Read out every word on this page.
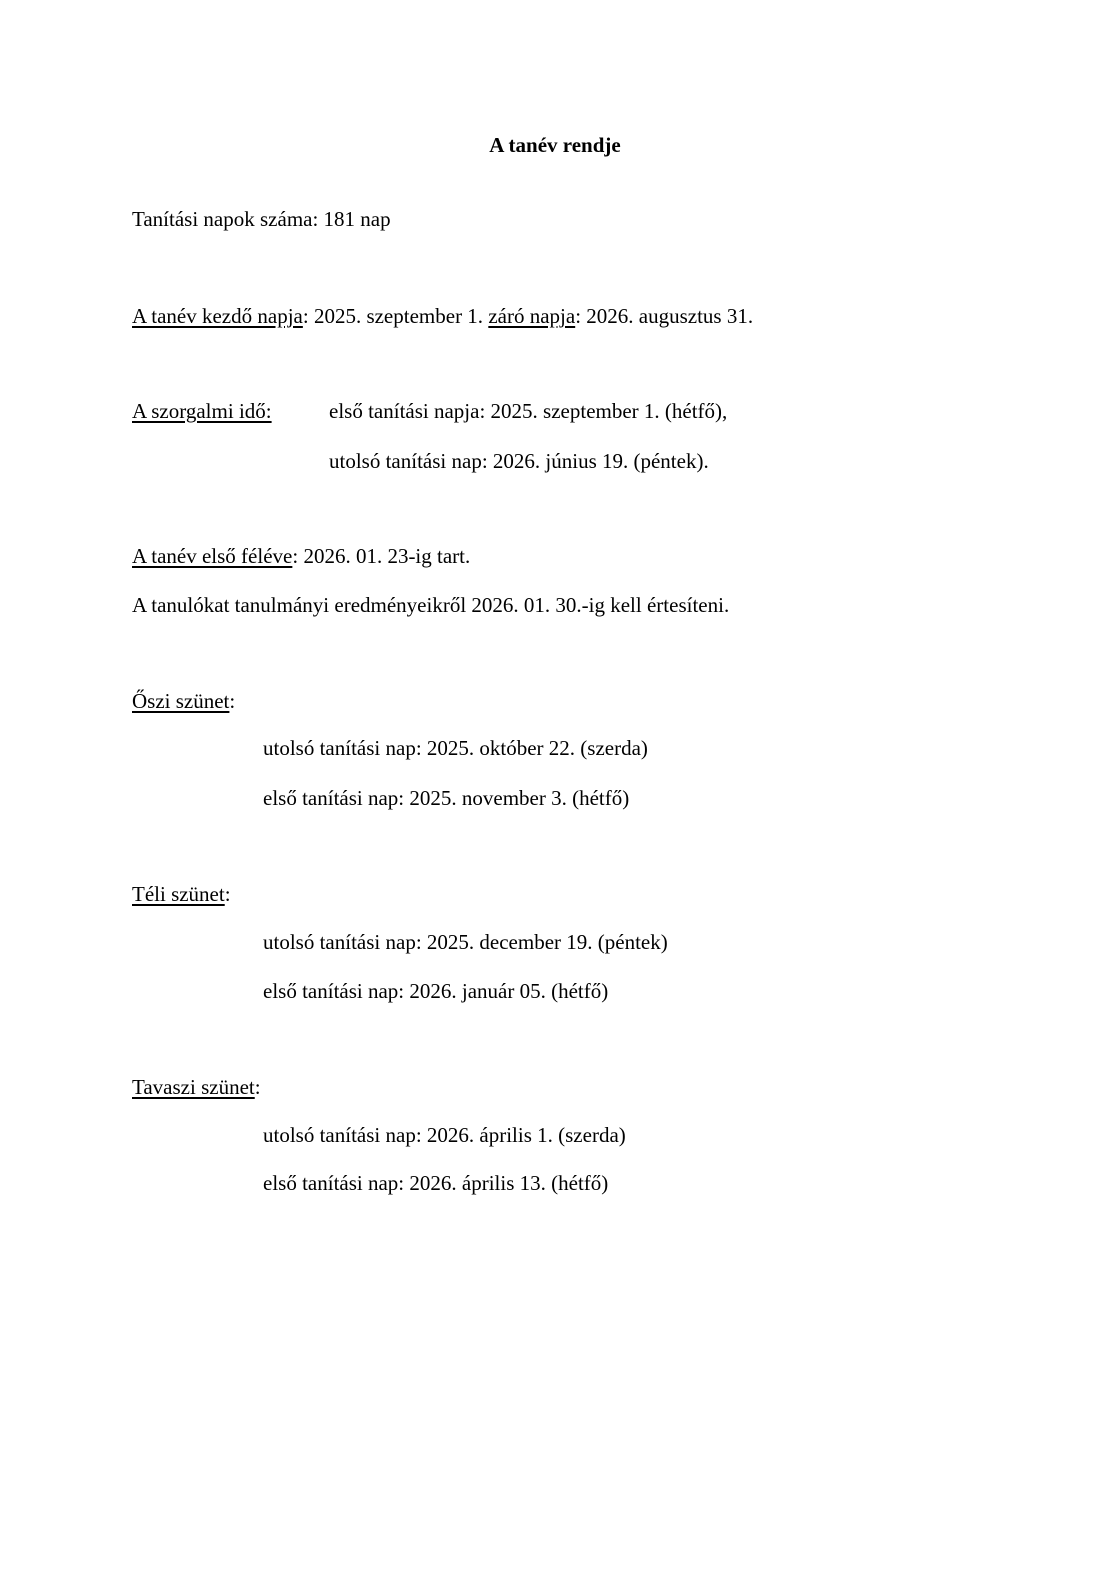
A tanév rendje
Tanítási napok száma: 181 nap
A tanév kezdő napja: 2025. szeptember 1. záró napja: 2026. augusztus 31.
A szorgalmi idő:	első tanítási napja: 2025. szeptember 1. (hétfő),
utolsó tanítási nap: 2026. június 19. (péntek).
A tanév első féléve: 2026. 01. 23-ig tart.
A tanulókat tanulmányi eredményeikről 2026. 01. 30.-ig kell értesíteni.
Őszi szünet:
utolsó tanítási nap: 2025. október 22. (szerda)
első tanítási nap: 2025. november 3. (hétfő)
Téli szünet:
utolsó tanítási nap: 2025. december 19. (péntek)
első tanítási nap: 2026. január 05. (hétfő)
Tavaszi szünet:
utolsó tanítási nap: 2026. április 1. (szerda)
első tanítási nap: 2026. április 13. (hétfő)
